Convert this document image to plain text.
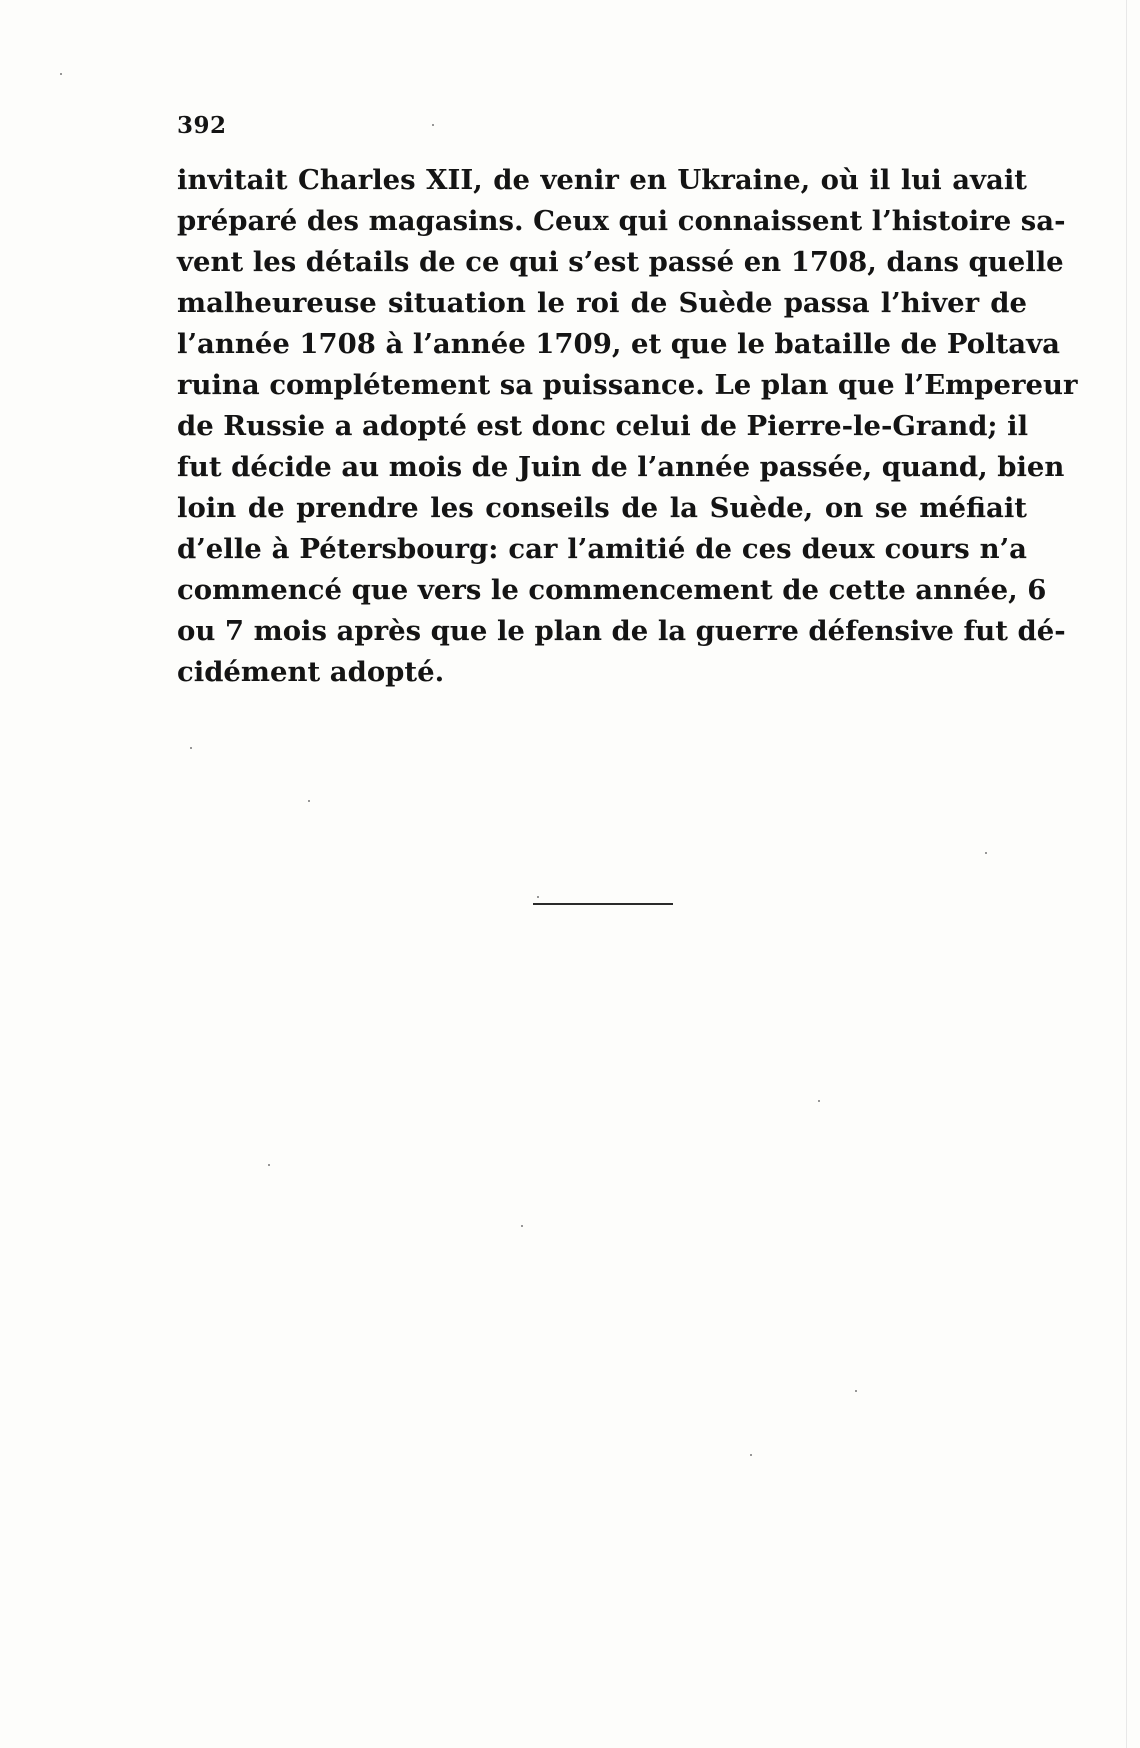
392
invitait Charles XII, de venir en Ukraine, où il lui avait
préparé des magasins. Ceux qui connaissent l’histoire sa-
vent les détails de ce qui s’est passé en 1708, dans quelle
malheureuse situation le roi de Suède passa l’hiver de
l’année 1708 à l’année 1709, et que le bataille de Poltava
ruina complétement sa puissance. Le plan que l’Empereur
de Russie a adopté est donc celui de Pierre-le-Grand; il
fut décide au mois de Juin de l’année passée, quand, bien
loin de prendre les conseils de la Suède, on se méfiait
d’elle à Pétersbourg: car l’amitié de ces deux cours n’a
commencé que vers le commencement de cette année, 6
ou 7 mois après que le plan de la guerre défensive fut dé-
cidément adopté.
